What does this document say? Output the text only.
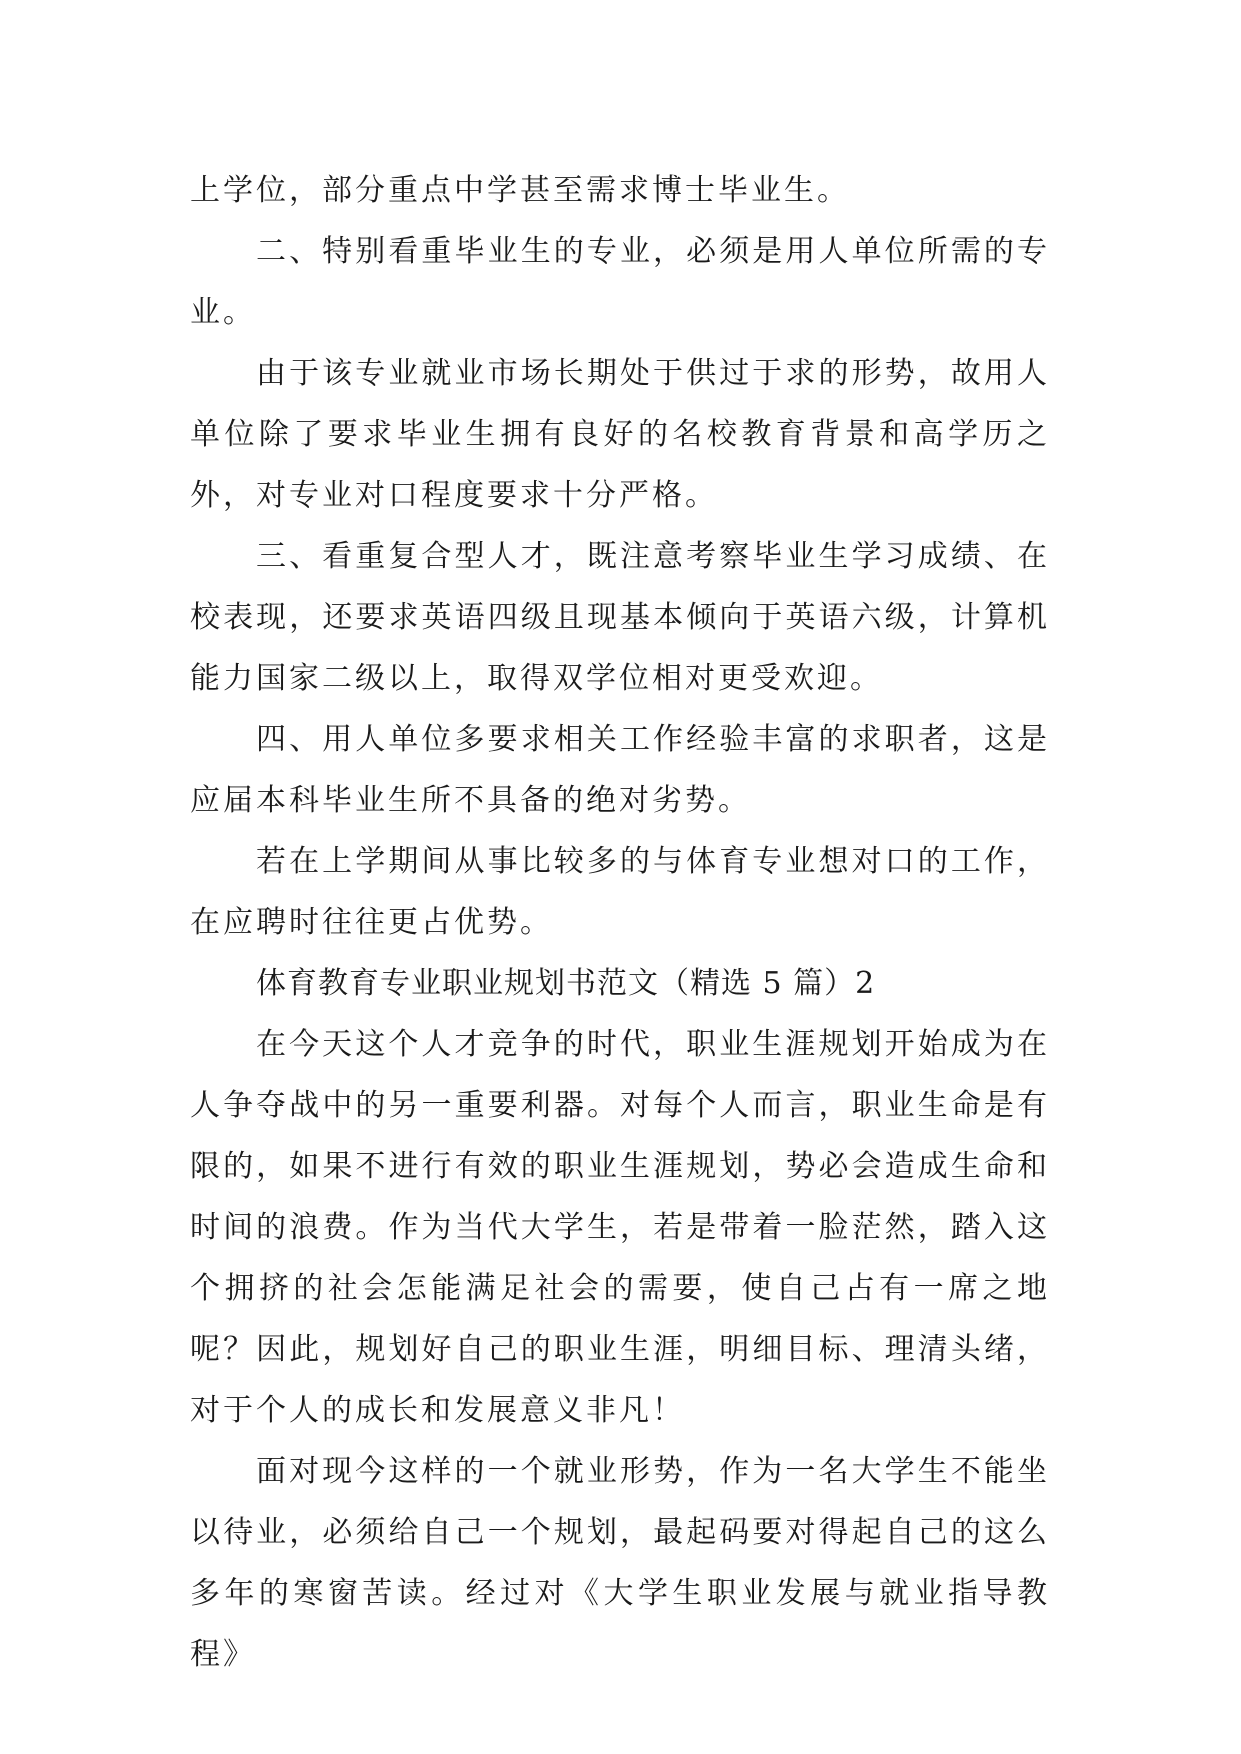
上学位，部分重点中学甚至需求博士毕业生。

二、特别看重毕业生的专业，必须是用人单位所需的专业。

由于该专业就业市场长期处于供过于求的形势，故用人单位除了要求毕业生拥有良好的名校教育背景和高学历之外，对专业对口程度要求十分严格。

三、看重复合型人才，既注意考察毕业生学习成绩、在校表现，还要求英语四级且现基本倾向于英语六级，计算机能力国家二级以上，取得双学位相对更受欢迎。

四、用人单位多要求相关工作经验丰富的求职者，这是应届本科毕业生所不具备的绝对劣势。

若在上学期间从事比较多的与体育专业想对口的工作，在应聘时往往更占优势。

体育教育专业职业规划书范文（精选 5 篇）2

在今天这个人才竞争的时代，职业生涯规划开始成为在人争夺战中的另一重要利器。对每个人而言，职业生命是有限的，如果不进行有效的职业生涯规划，势必会造成生命和时间的浪费。作为当代大学生，若是带着一脸茫然，踏入这个拥挤的社会怎能满足社会的需要，使自己占有一席之地呢？因此，规划好自己的职业生涯，明细目标、理清头绪，对于个人的成长和发展意义非凡！

面对现今这样的一个就业形势，作为一名大学生不能坐以待业，必须给自己一个规划，最起码要对得起自己的这么多年的寒窗苦读。经过对《大学生职业发展与就业指导教程》
